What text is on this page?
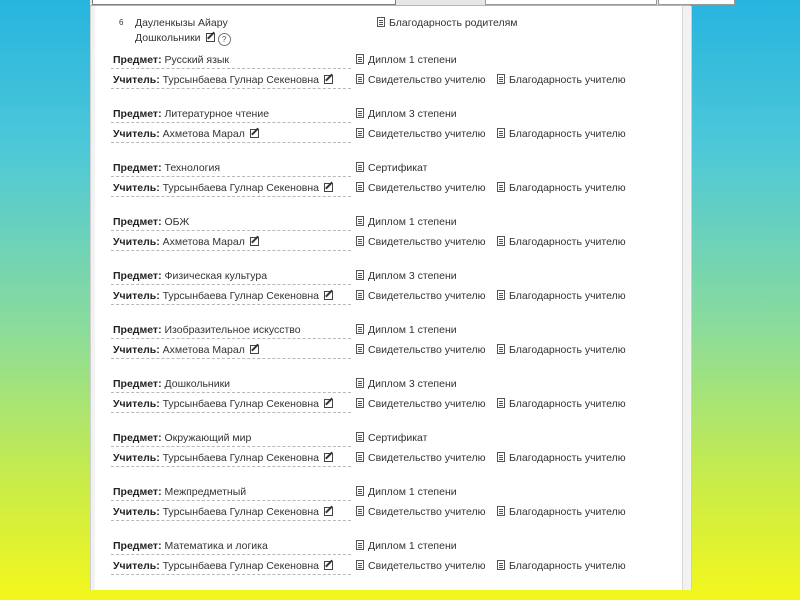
6 Дауленкызы Айару
Дошкольники	?
Благодарность родителям
Предмет: Русский язык	Диплом 1 степени
Учитель: Турсынбаева Гулнар Секеновна	Свидетельство учителю	Благодарность учителю
Предмет: Литературное чтение	Диплом 3 степени
Учитель: Ахметова Марал	Свидетельство учителю	Благодарность учителю
Предмет: Технология	Сертификат
Учитель: Турсынбаева Гулнар Секеновна	Свидетельство учителю	Благодарность учителю
Предмет: ОБЖ	Диплом 1 степени
Учитель: Ахметова Марал	Свидетельство учителю	Благодарность учителю
Предмет: Физическая культура	Диплом 3 степени
Учитель: Турсынбаева Гулнар Секеновна	Свидетельство учителю	Благодарность учителю
Предмет: Изобразительное искусство	Диплом 1 степени
Учитель: Ахметова Марал	Свидетельство учителю	Благодарность учителю
Предмет: Дошкольники	Диплом 3 степени
Учитель: Турсынбаева Гулнар Секеновна	Свидетельство учителю	Благодарность учителю
Предмет: Окружающий мир	Сертификат
Учитель: Турсынбаева Гулнар Секеновна	Свидетельство учителю	Благодарность учителю
Предмет: Межпредметный	Диплом 1 степени
Учитель: Турсынбаева Гулнар Секеновна	Свидетельство учителю	Благодарность учителю
Предмет: Математика и логика	Диплом 1 степени
Учитель: Турсынбаева Гулнар Секеновна	Свидетельство учителю	Благодарность учителю
